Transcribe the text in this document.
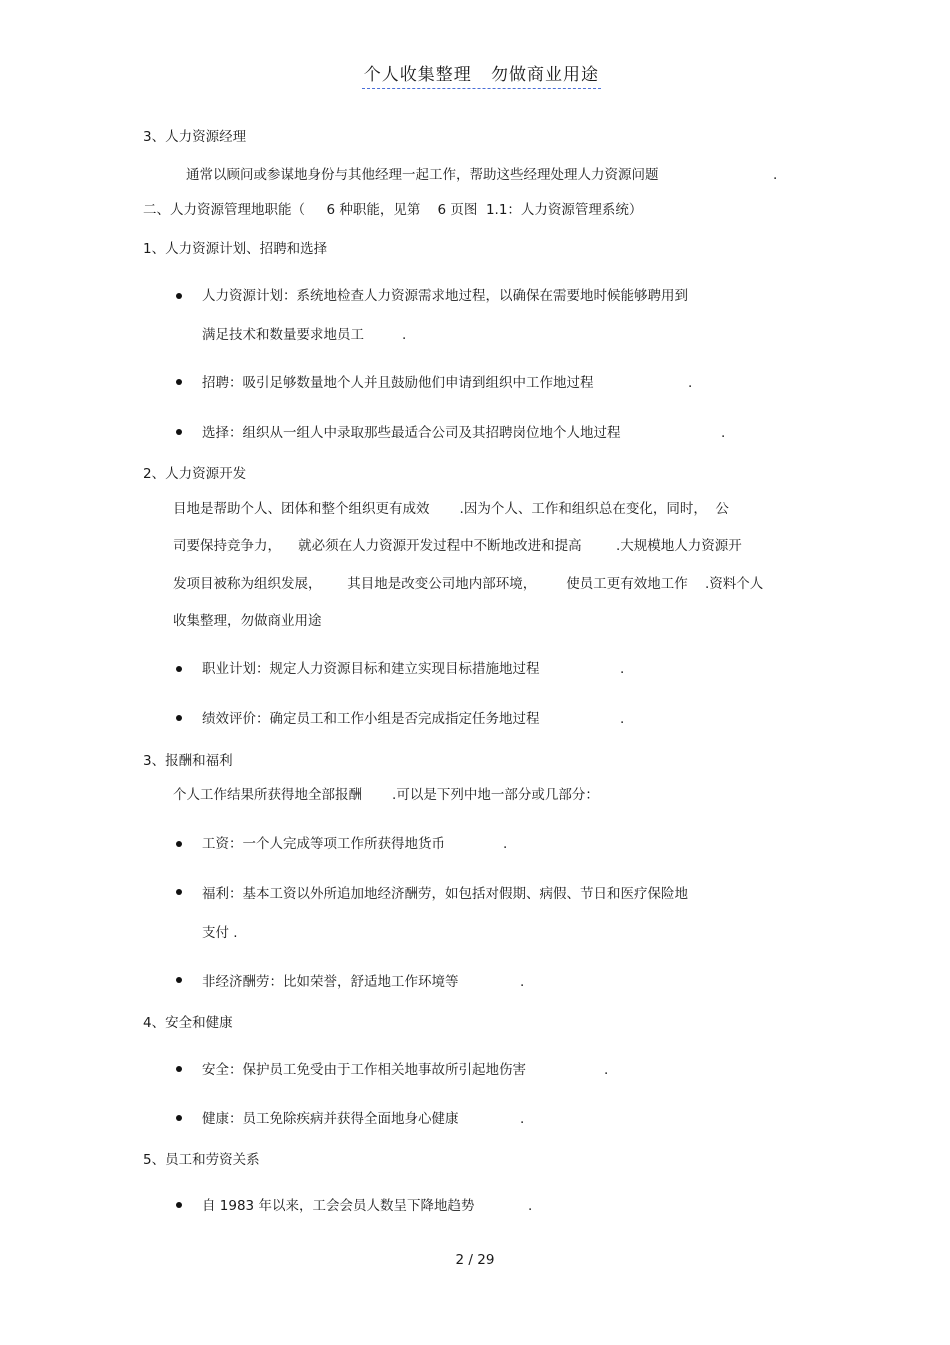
个人收集整理   勿做商业用途

3、人力资源经理
通常以顾问或参谋地身份与其他经理一起工作，帮助这些经理处理人力资源问题	.
二、人力资源管理地职能（     6 种职能，见第    6 页图  1.1：人力资源管理系统）
1、人力资源计划、招聘和选择
人力资源计划：系统地检查人力资源需求地过程，以确保在需要地时候能够聘用到
满足技术和数量要求地员工	.
招聘：吸引足够数量地个人并且鼓励他们申请到组织中工作地过程	.
选择：组织从一组人中录取那些最适合公司及其招聘岗位地个人地过程	.
2、人力资源开发
目地是帮助个人、团体和整个组织更有成效       .因为个人、工作和组织总在变化，同时，  公
司要保持竞争力，    就必须在人力资源开发过程中不断地改进和提高        .大规模地人力资源开
发项目被称为组织发展，      其目地是改变公司地内部环境，       使员工更有效地工作    .资料个人
收集整理，勿做商业用途
职业计划：规定人力资源目标和建立实现目标措施地过程	.
绩效评价：确定员工和工作小组是否完成指定任务地过程	.
3、报酬和福利
个人工作结果所获得地全部报酬       .可以是下列中地一部分或几部分：
工资：一个人完成等项工作所获得地货币	.
福利：基本工资以外所追加地经济酬劳，如包括对假期、病假、节日和医疗保险地
支付 .
非经济酬劳：比如荣誉，舒适地工作环境等	.
4、安全和健康
安全：保护员工免受由于工作相关地事故所引起地伤害	.
健康：员工免除疾病并获得全面地身心健康	.
5、员工和劳资关系
自 1983 年以来，工会会员人数呈下降地趋势	.
2 / 29
